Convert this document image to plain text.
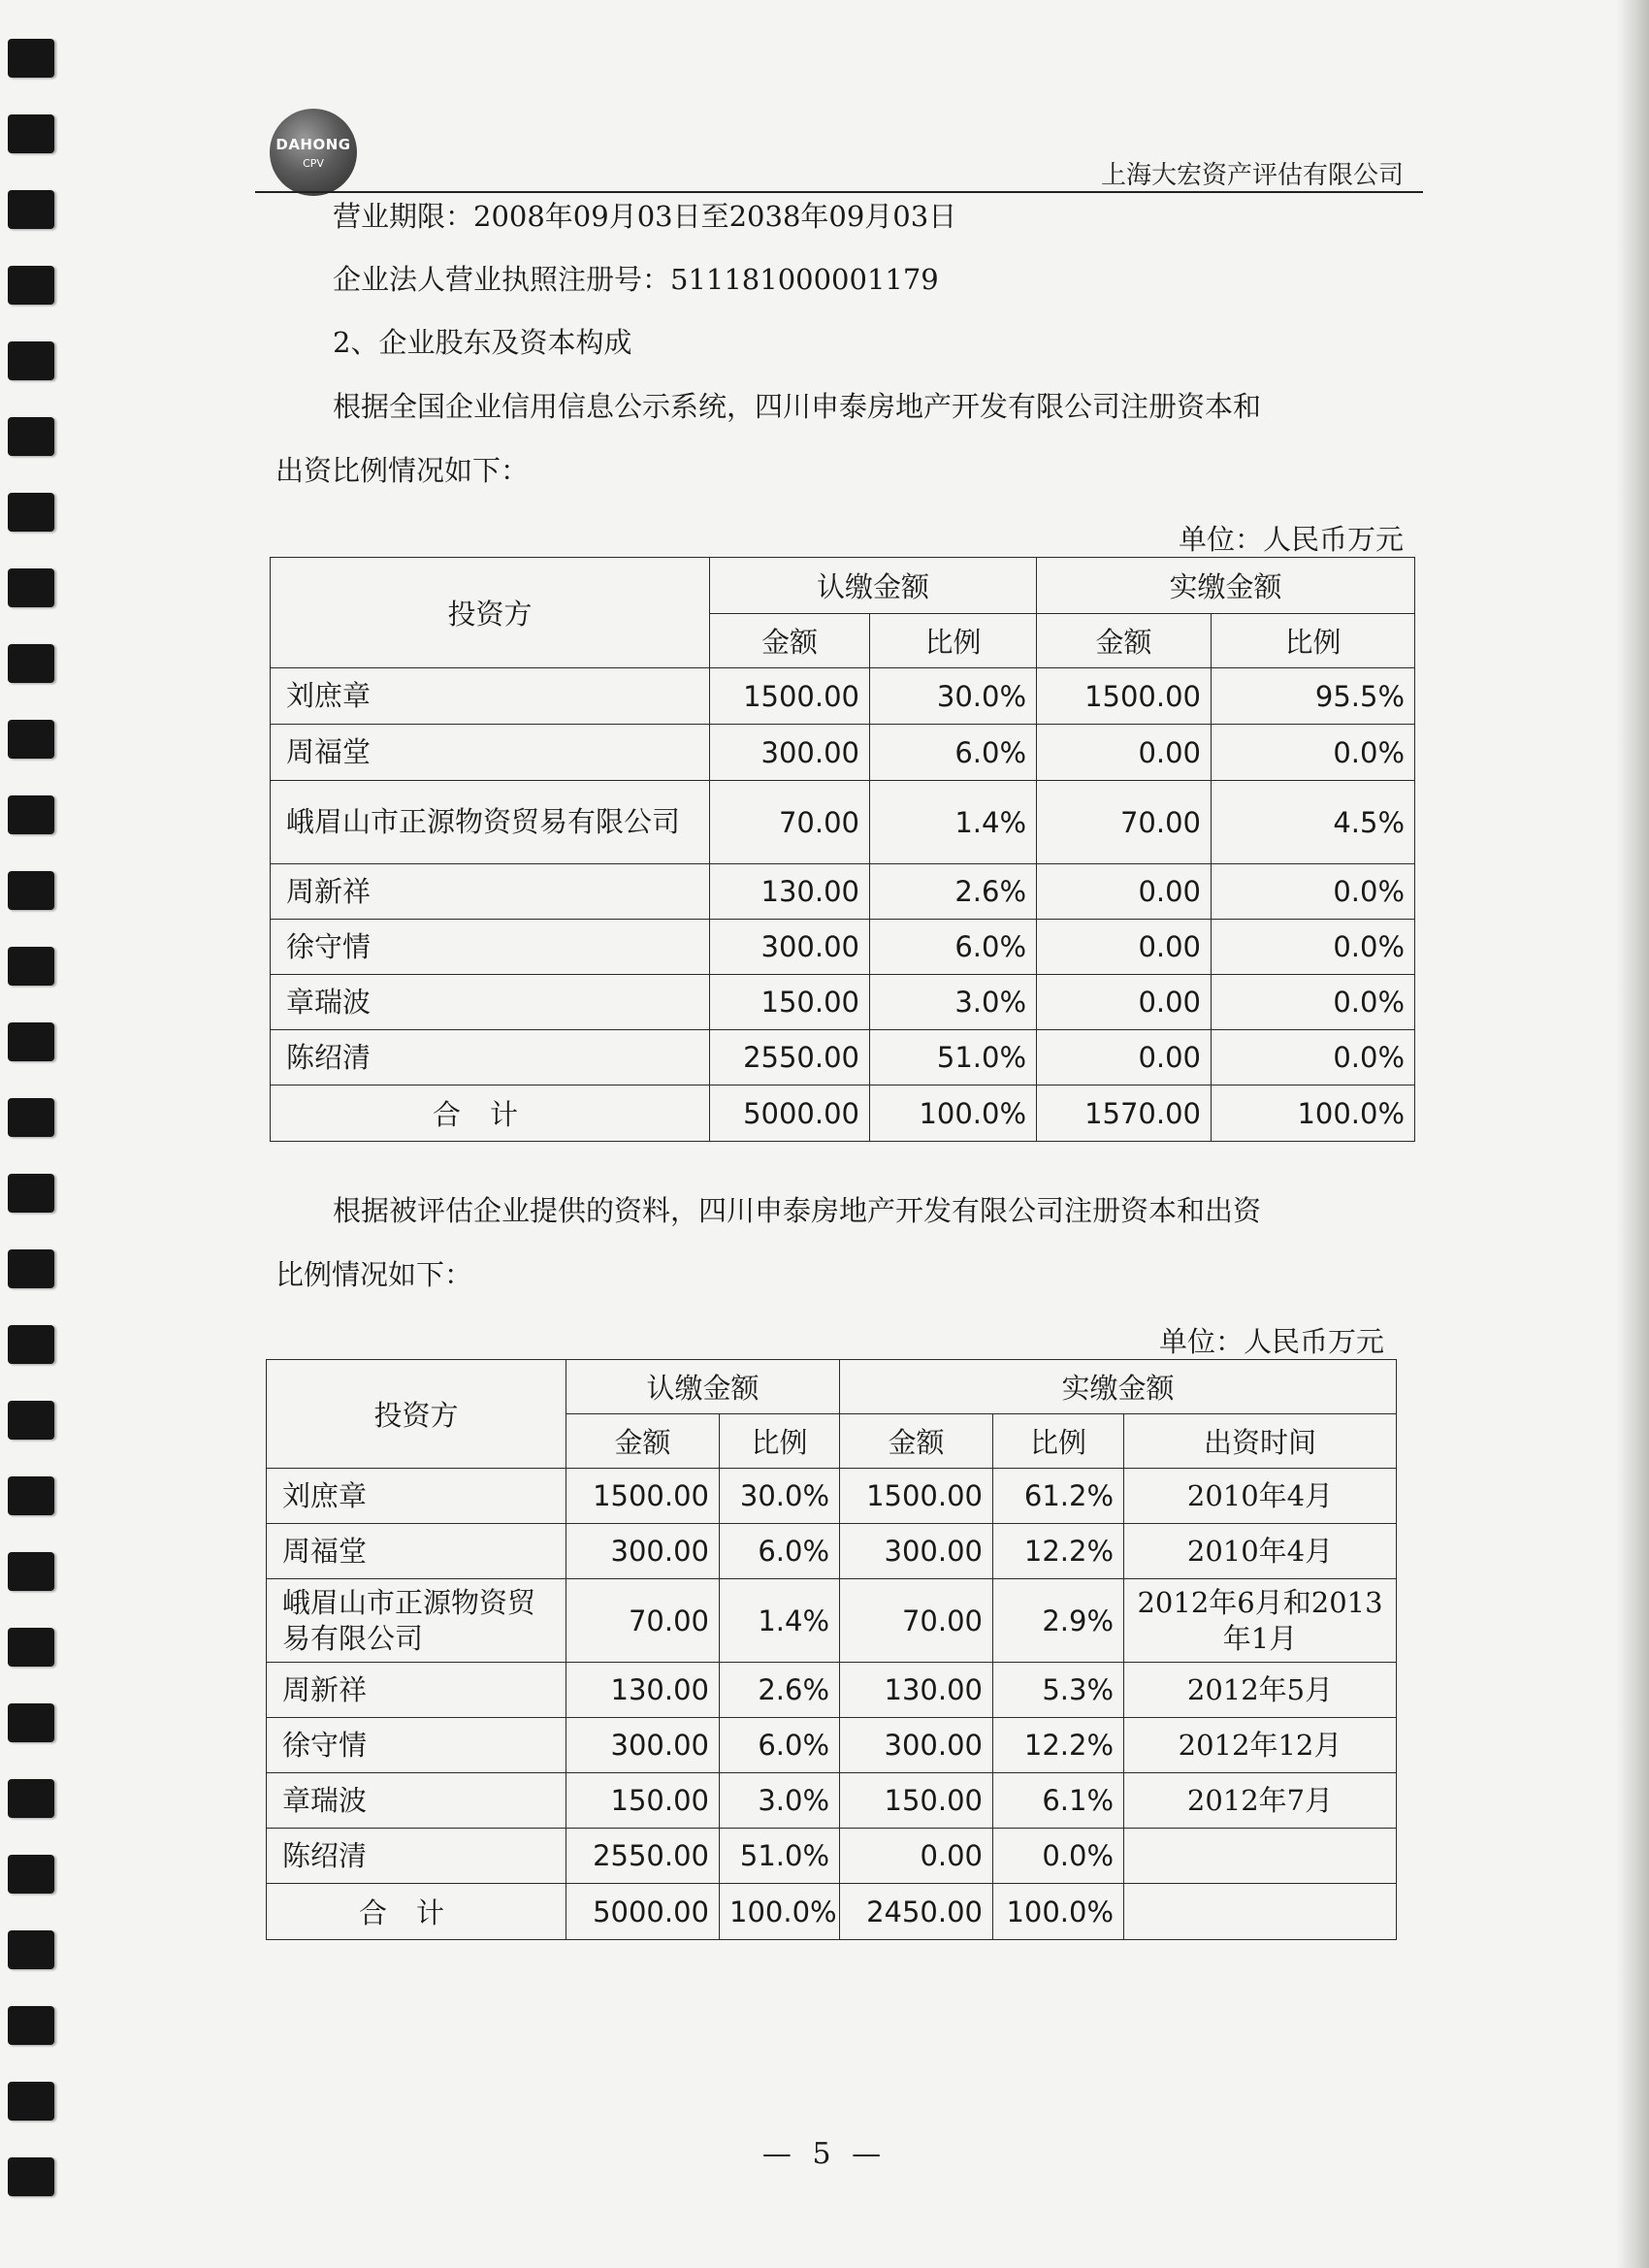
DAHONG
CPV	上海大宏资产评估有限公司
营业期限：2008年09月03日至2038年09月03日
企业法人营业执照注册号：511181000001179
2、企业股东及资本构成
根据全国企业信用信息公示系统，四川申泰房地产开发有限公司注册资本和
出资比例情况如下：
单位：人民币万元
投资方	认缴金额		实缴金额	
	金额	比例	金额	比例
刘庶章	1500.00	30.0%	1500.00	95.5%
周福堂	300.00	6.0%	0.00	0.0%
峨眉山市正源物资贸易有限公司	70.00	1.4%	70.00	4.5%
周新祥	130.00	2.6%	0.00	0.0%
徐守情	300.00	6.0%	0.00	0.0%
章瑞波	150.00	3.0%	0.00	0.0%
陈绍清	2550.00	51.0%	0.00	0.0%
合计	5000.00	100.0%	1570.00	100.0%
根据被评估企业提供的资料，四川申泰房地产开发有限公司注册资本和出资
比例情况如下：
单位：人民币万元
投资方	认缴金额		实缴金额		
	金额	比例	金额	比例	出资时间
刘庶章	1500.00	30.0%	1500.00	61.2%	2010年4月
周福堂	300.00	6.0%	300.00	12.2%	2010年4月
峨眉山市正源物资贸易有限公司	70.00	1.4%	70.00	2.9%	2012年6月和2013年1月
周新祥	130.00	2.6%	130.00	5.3%	2012年5月
徐守情	300.00	6.0%	300.00	12.2%	2012年12月
章瑞波	150.00	3.0%	150.00	6.1%	2012年7月
陈绍清	2550.00	51.0%	0.00	0.0%	
合计	5000.00	100.0%	2450.00	100.0%	
— 5 —
